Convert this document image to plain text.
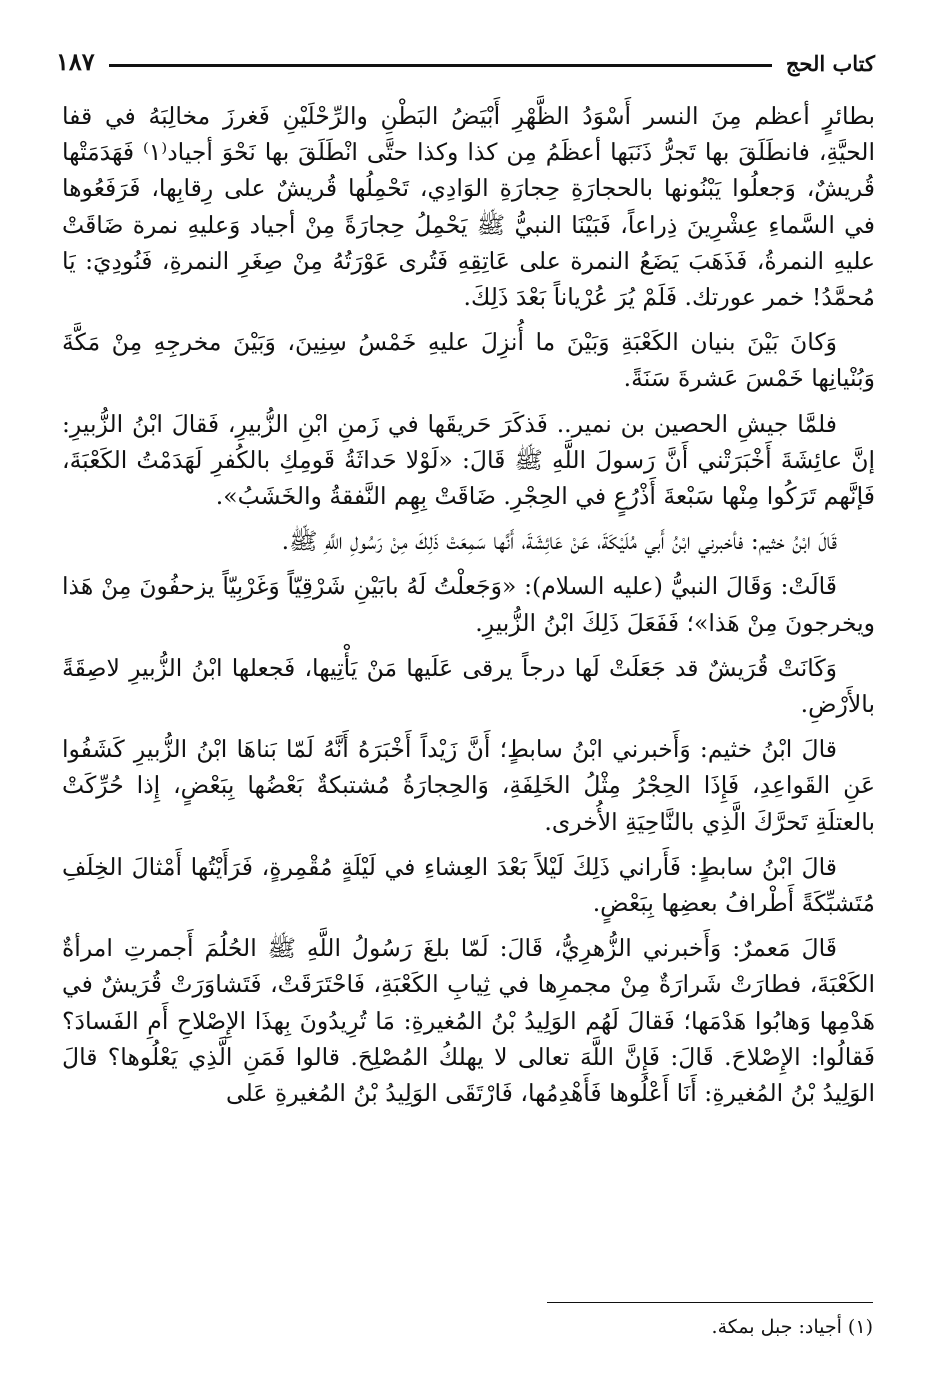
١٨٧	كتاب الحج

بطائرٍ أعظم مِنَ النسر أَسْوَدُ الظَّهْرِ أَبْيَضُ البَطْنِ والرِّحْلَيْنِ فَغرزَ مخالِبَهُ في قفا الحيَّةِ، فانطَلَقَ بها تَجرُّ ذَنَبَها أعظَمُ مِن كذا وكذا حتَّى انْطَلَقَ بها نَحْوَ أجياد⁽١⁾ فَهَدَمَتْها قُريشٌ، وَجعلُوا يَبْنُونها بالحجارَةِ حِجارَةِ الوَادِي، تَحْمِلُها قُريشٌ على رِقابِها، فَرَفَعُوها في السَّماءِ عِشْرِينَ ذِراعاً، فَبَيْنَا النبيُّ ﷺ يَحْمِلُ حِجارَةً مِنْ أجياد وَعليهِ نمرة ضَاقَتْ عليهِ النمرةُ، فَذَهَبَ يَضَعُ النمرة على عَاتِقِهِ فَتُرى عَوْرَتُهُ مِنْ صِغَرِ النمرةِ، فَنُودِيَ: يَا مُحمَّدُ! خمر عورتك. فَلَمْ يُرَ عُرْياناً بَعْدَ ذَلِكَ.

وَكانَ بَيْنَ بنيان الكَعْبَةِ وَبَيْنَ ما أُنزِلَ عليهِ خَمْسُ سِنِينَ، وَبَيْنَ مخرجِهِ مِنْ مَكَّةَ وَبُنْيانِها خَمْسَ عَشرةَ سَنَةً.

فلمَّا جيشِ الحصين بن نمير.. فَذكَرَ حَريقَها في زَمنِ ابْنِ الزُّبيرِ، فَقالَ ابْنُ الزُّبيرِ: إنَّ عائِشَةَ أَخْبَرَتْني أَنَّ رَسولَ اللَّهِ ﷺ قَالَ: «لَوْلا حَداثَةُ قَومِكِ بالكُفرِ لَهَدَمْتُ الكَعْبَةَ، فَإنَّهم تَرَكُوا مِنْها سَبْعةَ أَذْرُعٍ في الحِجْرِ. ضَاقَتْ بِهِم النَّفقةُ والخَشَبُ».

قَالَ ابْنُ خثيم: فأخبرني ابْنُ أَبي مُلَيْكَةَ، عَنْ عَائِشَةَ، أَنَّها سَمِعَتْ ذَلِكَ مِنْ رَسُولِ اللَّهِ ﷺ.

قَالَتْ: وَقَالَ النبيُّ (عليه السلام): «وَجَعلْتُ لَهُ بابَيْنِ شَرْقِيّاً وَغَرْبِيّاً يزحفُونَ مِنْ هَذا ويخرجونَ مِنْ هَذا»؛ فَفَعَلَ ذَلِكَ ابْنُ الزُّبيرِ.

وَكَانَتْ قُرَيشٌ قد جَعَلَتْ لَها درجاً يرقى عَلَيها مَنْ يَأْتِيها، فَجعلها ابْنُ الزُّبيرِ لاصِقَةً بالأَرْضِ.

قالَ ابْنُ خثيم: وَأَخبرني ابْنُ سابطٍ؛ أَنَّ زَيْداً أَخْبَرَهُ أَنَّهُ لَمّا بَناهَا ابْنُ الزُّبيرِ كَشَفُوا عَنِ القَواعِدِ، فَإِذَا الحِجْرُ مِثْلُ الخَلِفَةِ، وَالحِجارَةُ مُشتبكةٌ بَعْضُها بِبَعْضٍ، إِذا حُرِّكَتْ بالعتلَةِ تَحرَّكَ الَّذِي بالنَّاحِيَةِ الأُخرى.

قالَ ابْنُ سابطٍ: فَأَراني ذَلِكَ لَيْلاً بَعْدَ العِشاءِ في لَيْلَةٍ مُقْمِرةٍ، فَرَأَيْتُها أَمْثالَ الخِلَفِ مُتَشبِّكَةً أَطْرافُ بعضِها بِبَعْضٍ.

قَالَ مَعمرٌ: وَأَخبرني الزُّهرِيُّ، قَالَ: لَمّا بلغَ رَسُولُ اللَّهِ ﷺ الحُلُمَ أَجمرتِ امرأةٌ الكَعْبَةَ، فطارَتْ شَرارَةٌ مِنْ مجمرِها في ثِيابِ الكَعْبَةِ، فَاحْتَرَقَتْ، فَتَشاوَرَتْ قُرَيشٌ في هَدْمِها وَهابُوا هَدْمَها؛ فَقالَ لَهُم الوَلِيدُ بْنُ المُغيرةِ: مَا تُرِيدُونَ بِهذَا الإِصْلاحِ أَمِ الفَسادَ؟ فَقالُوا: الإِصْلاحَ. قَالَ: فَإِنَّ اللَّهَ تعالى لا يهلكُ المُصْلِحَ. قالوا فَمَنِ الَّذِي يَعْلُوها؟ قالَ الوَلِيدُ بْنُ المُغيرةِ: أَنَا أَعْلُوها فَأَهْدِمُها، فَارْتَقَى الوَلِيدُ بْنُ المُغيرةِ عَلى

(١) أجياد: جبل بمكة.
